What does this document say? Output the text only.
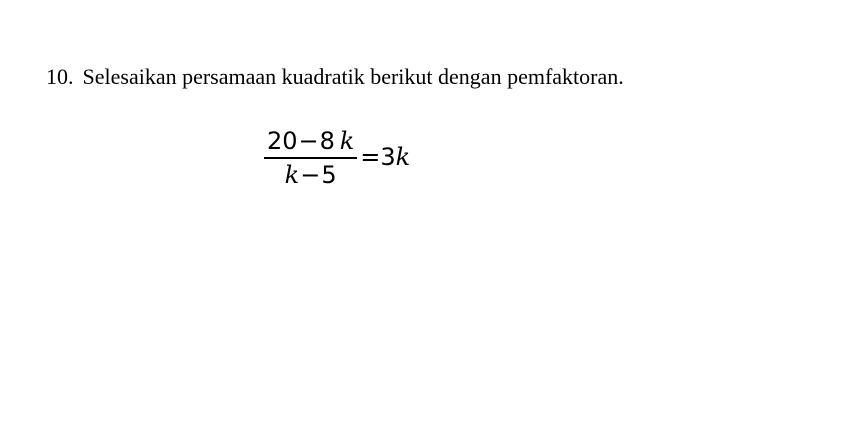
10. Selesaikan persamaan kuadratik berikut dengan pemfaktoran.
$\frac{20-8 k}{k-5} =3k$
